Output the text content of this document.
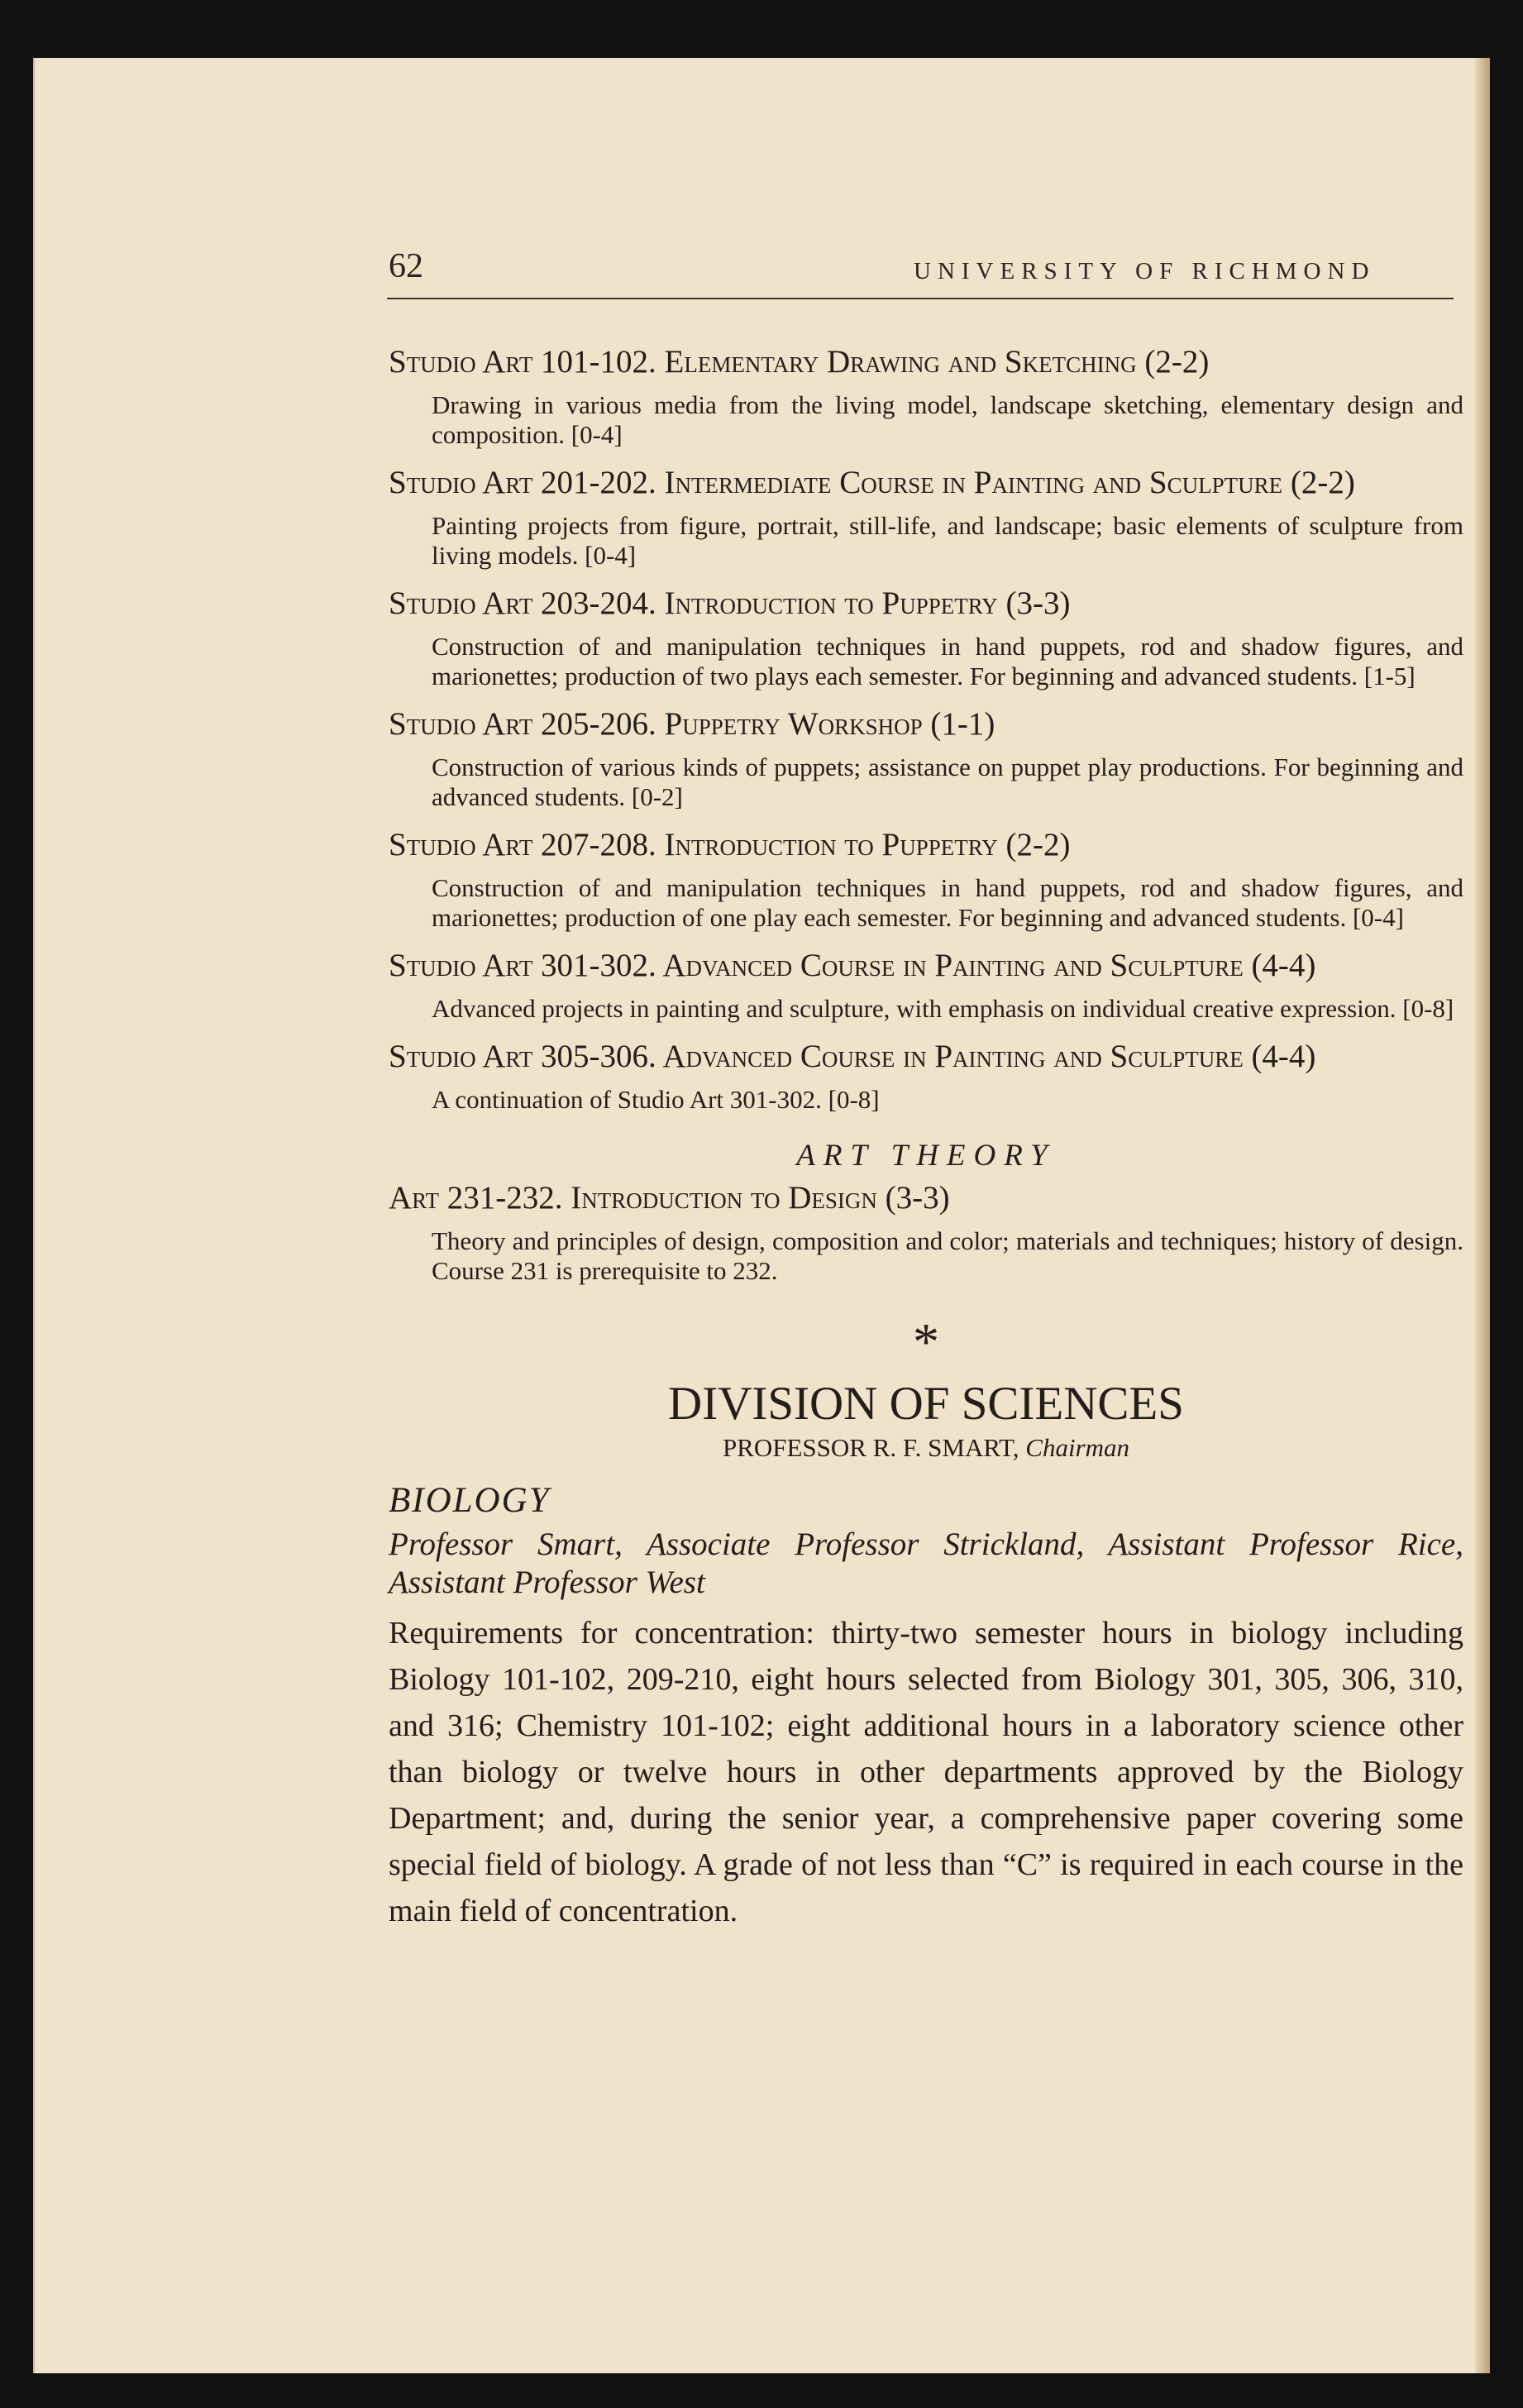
62	UNIVERSITY OF RICHMOND
Studio Art 101-102. Elementary Drawing and Sketching (2-2)
Drawing in various media from the living model, landscape sketching, elementary design and composition. [0-4]
Studio Art 201-202. Intermediate Course in Painting and Sculpture (2-2)
Painting projects from figure, portrait, still-life, and landscape; basic elements of sculpture from living models. [0-4]
Studio Art 203-204. Introduction to Puppetry (3-3)
Construction of and manipulation techniques in hand puppets, rod and shadow figures, and marionettes; production of two plays each semester. For beginning and advanced students. [1-5]
Studio Art 205-206. Puppetry Workshop (1-1)
Construction of various kinds of puppets; assistance on puppet play productions. For beginning and advanced students. [0-2]
Studio Art 207-208. Introduction to Puppetry (2-2)
Construction of and manipulation techniques in hand puppets, rod and shadow figures, and marionettes; production of one play each semester. For beginning and advanced students. [0-4]
Studio Art 301-302. Advanced Course in Painting and Sculpture (4-4)
Advanced projects in painting and sculpture, with emphasis on individual creative expression. [0-8]
Studio Art 305-306. Advanced Course in Painting and Sculpture (4-4)
A continuation of Studio Art 301-302. [0-8]
ART THEORY
Art 231-232. Introduction to Design (3-3)
Theory and principles of design, composition and color; materials and techniques; history of design. Course 231 is prerequisite to 232.
*
DIVISION OF SCIENCES
PROFESSOR R. F. SMART, Chairman
BIOLOGY
Professor Smart, Associate Professor Strickland, Assistant Professor Rice, Assistant Professor West
Requirements for concentration: thirty-two semester hours in biology including Biology 101-102, 209-210, eight hours selected from Biology 301, 305, 306, 310, and 316; Chemistry 101-102; eight additional hours in a laboratory science other than biology or twelve hours in other departments approved by the Biology Department; and, during the senior year, a comprehensive paper covering some special field of biology. A grade of not less than “C” is required in each course in the main field of concentration.
